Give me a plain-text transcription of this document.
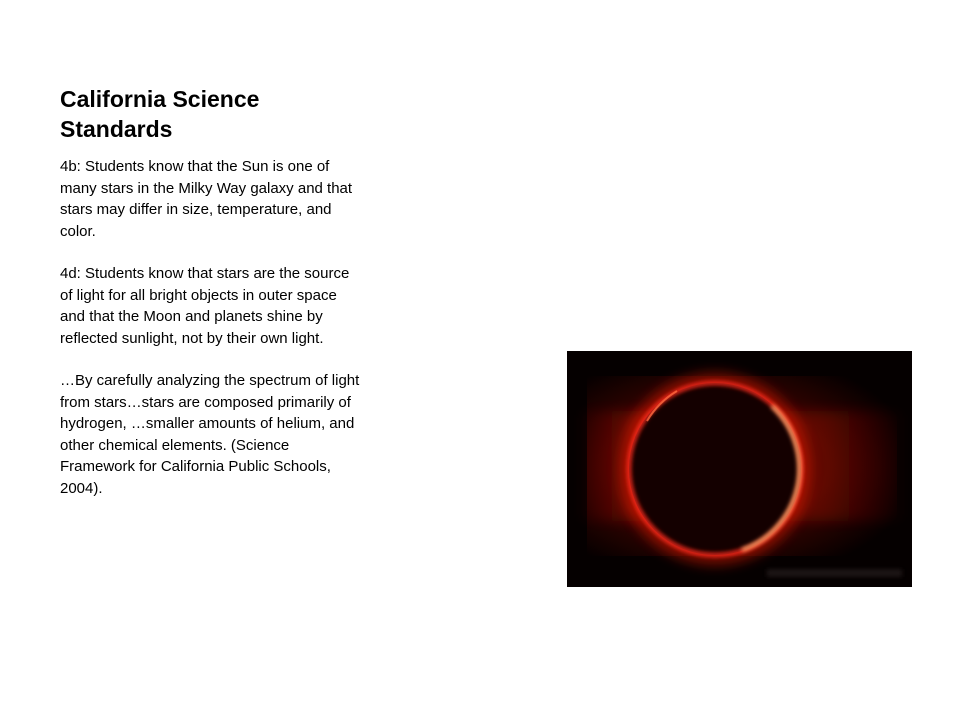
California Science Standards

4b: Students know that the Sun is one of many stars in the Milky Way galaxy and that stars may differ in size, temperature, and color.

4d: Students know that stars are the source of light for all bright objects in outer space and that the Moon and planets shine by reflected sunlight, not by their own light.

…By carefully analyzing the spectrum of light from stars…stars are composed primarily of hydrogen, …smaller amounts of helium, and other chemical elements. (Science Framework for California Public Schools, 2004).
